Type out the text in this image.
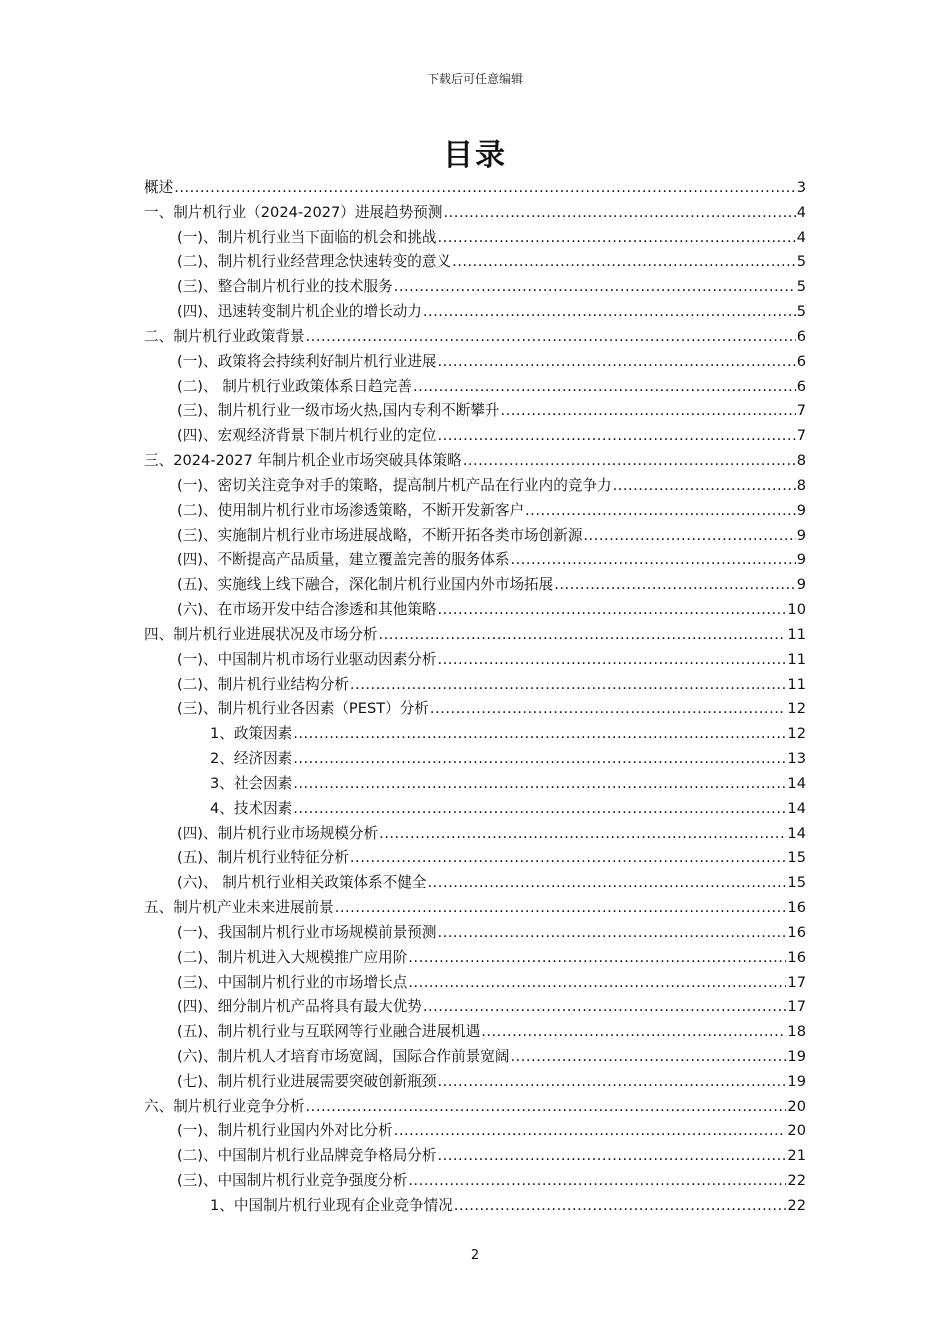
下载后可任意编辑
目录
概述 .....	3
一、制片机行业（2024-2027）进展趋势预测 .....	4
(一)、制片机行业当下面临的机会和挑战 .....	4
(二)、制片机行业经营理念快速转变的意义 .....	5
(三)、整合制片机行业的技术服务 .....	5
(四)、迅速转变制片机企业的增长动力 .....	5
二、制片机行业政策背景 .....	6
(一)、政策将会持续利好制片机行业进展 .....	6
(二)、 制片机行业政策体系日趋完善 .....	6
(三)、制片机行业一级市场火热,国内专利不断攀升 .....	7
(四)、宏观经济背景下制片机行业的定位 .....	7
三、2024-2027 年制片机企业市场突破具体策略 .....	8
(一)、密切关注竞争对手的策略，提高制片机产品在行业内的竞争力 .....	8
(二)、使用制片机行业市场渗透策略，不断开发新客户 .....	9
(三)、实施制片机行业市场进展战略，不断开拓各类市场创新源 .....	9
(四)、不断提高产品质量，建立覆盖完善的服务体系 .....	9
(五)、实施线上线下融合，深化制片机行业国内外市场拓展 .....	9
(六)、在市场开发中结合渗透和其他策略 .....	10
四、制片机行业进展状况及市场分析 .....	11
(一)、中国制片机市场行业驱动因素分析 .....	11
(二)、制片机行业结构分析 .....	11
(三)、制片机行业各因素（PEST）分析 .....	12
1、政策因素 .....	12
2、经济因素 .....	13
3、社会因素 .....	14
4、技术因素 .....	14
(四)、制片机行业市场规模分析 .....	14
(五)、制片机行业特征分析 .....	15
(六)、 制片机行业相关政策体系不健全 .....	15
五、制片机产业未来进展前景 .....	16
(一)、我国制片机行业市场规模前景预测 .....	16
(二)、制片机进入大规模推广应用阶 .....	16
(三)、中国制片机行业的市场增长点 .....	17
(四)、细分制片机产品将具有最大优势 .....	17
(五)、制片机行业与互联网等行业融合进展机遇 .....	18
(六)、制片机人才培育市场宽阔，国际合作前景宽阔 .....	19
(七)、制片机行业进展需要突破创新瓶颈 .....	19
六、制片机行业竞争分析 .....	20
(一)、制片机行业国内外对比分析 .....	20
(二)、中国制片机行业品牌竞争格局分析 .....	21
(三)、中国制片机行业竞争强度分析 .....	22
1、中国制片机行业现有企业竞争情况 .....	22
2
